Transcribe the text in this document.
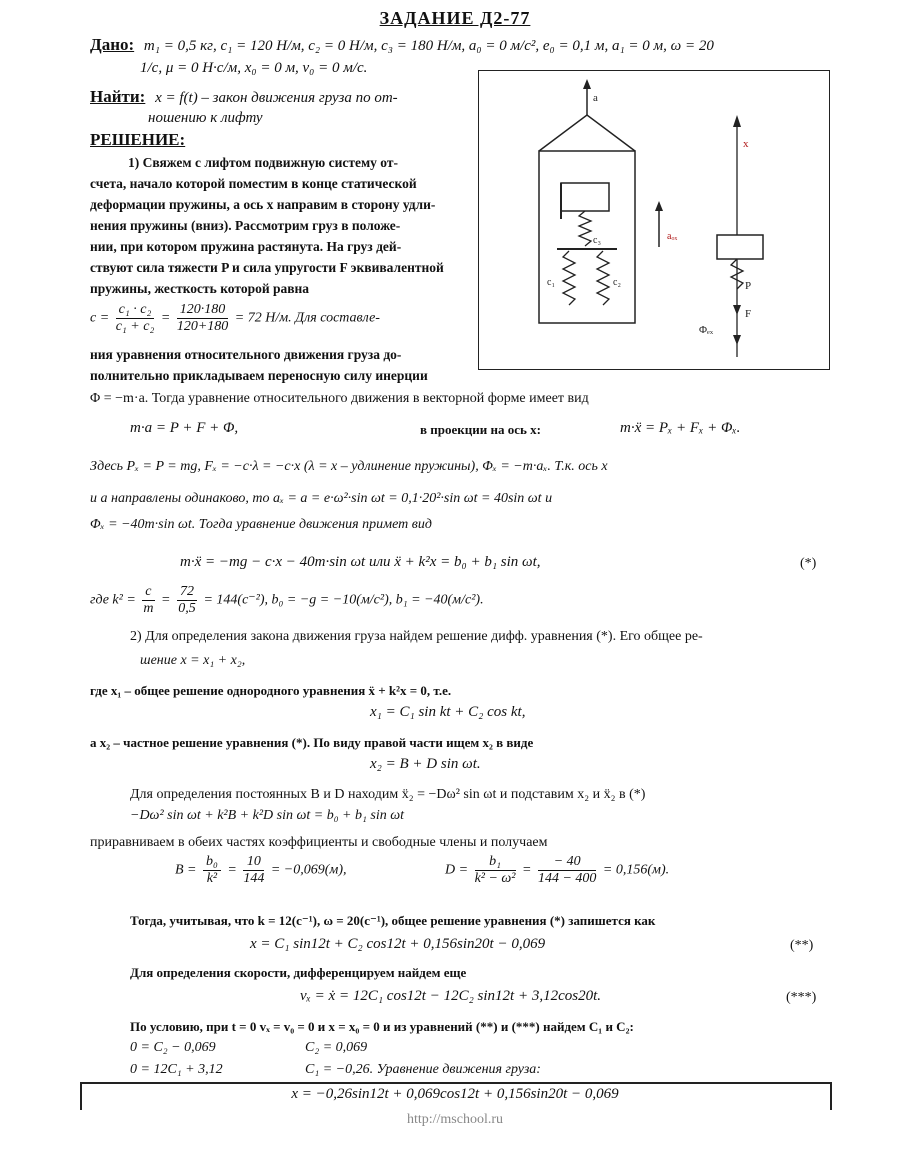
ЗАДАНИЕ Д2-77
Дано: m₁ = 0,5 кг, c₁ = 120 Н/м, c₂ = 0 Н/м, c₃ = 180 Н/м, a₀ = 0 м/с², e₀ = 0,1 м, a₁ = 0 м, ω = 20
1/с, μ = 0 Н·с/м, x₀ = 0 м, v₀ = 0 м/с.
Найти: x = f(t) – закон движения груза по от-
ношению к лифту
РЕШЕНИЕ:
1) Свяжем с лифтом подвижную систему от-
счета, начало которой поместим в конце статической
деформации пружины, а ось x направим в сторону удли-
нения пружины (вниз). Рассмотрим груз в положе-
нии, при котором пружина растянута. На груз дей-
ствуют сила тяжести P и сила упругости F эквивалентной
пружины, жесткость которой равна
$c = \frac{\text{c₁ · c₂}}{\text{c₁ + c₂}} = \frac{120\cdot 180}{120+180} = 72$ Н/м. Для составле-
ния уравнения относительного движения груза до-
полнительно прикладываем переносную силу инерции
Φ = −m·a. Тогда уравнение относительного движения в векторной форме имеет вид
m·a = P + F + Φ,	в проекции на ось x:	m·ẍ = Pₓ + Fₓ + Φₓ.
Здесь Pₓ = P = mg, Fₓ = −c·λ = −c·x (λ = x – удлинение пружины), Φₓ = −m·aₓ. Т.к. ось x
и a направлены одинаково, то aₓ = a = e·ω²·sin ωt = 0,1·20²·sin ωt = 40sin ωt и
Φₓ = −40m·sin ωt. Тогда уравнение движения примет вид
m·ẍ = −mg − c·x − 40m·sin ωt или ẍ + k²x = b₀ + b₁ sin ωt,	(*)
где $k^2 = \frac{c}{m} = \frac{72}{0,5} = 144(с^{-2})$, b₀ = −g = −10(м/с²), b₁ = −40(м/с²).
2) Для определения закона движения груза найдем решение дифф. уравнения (*). Его общее ре-
шение x = x₁ + x₂,
где x₁ – общее решение однородного уравнения ẍ + k²x = 0, т.е.
x₁ = C₁ sin kt + C₂ cos kt,
а x₂ – частное решение уравнения (*). По виду правой части ищем x₂ в виде
x₂ = B + D sin ωt.
Для определения постоянных B и D находим ẍ₂ = −Dω² sin ωt и подставим x₂ и ẍ₂ в (*)
−Dω² sin ωt + k²B + k²D sin ωt = b₀ + b₁ sin ωt
приравниваем в обеих частях коэффициенты и свободные члены и получаем
$B = \frac{\text{b₀}}{\text{k²}} = \frac{10}{144} = -0,069(м)$,	$D = \frac{\text{b₁}}{\text{k² − ω²}} = \frac{- 40}{144 - 400} = 0,156(м)$.
Тогда, учитывая, что k = 12(с⁻¹), ω = 20(с⁻¹), общее решение уравнения (*) запишется как
x = C₁ sin12t + C₂ cos12t + 0,156sin20t − 0,069	(**)
Для определения скорости, дифференцируем найдем еще
vₓ = ẋ = 12C₁ cos12t − 12C₂ sin12t + 3,12cos20t.	(***)
По условию, при t = 0 vₓ = v₀ = 0 и x = x₀ = 0 и из уравнений (**) и (***) найдем C₁ и C₂:
0 = C₂ − 0,069	C₂ = 0,069
0 = 12C₁ + 3,12	C₁ = −0,26. Уравнение движения груза:
x = −0,26sin12t + 0,069cos12t + 0,156sin20t − 0,069
http://mschool.ru
a
c₃
c₁	c₂
aₒₓ
x
P
F
Φₑₓ
